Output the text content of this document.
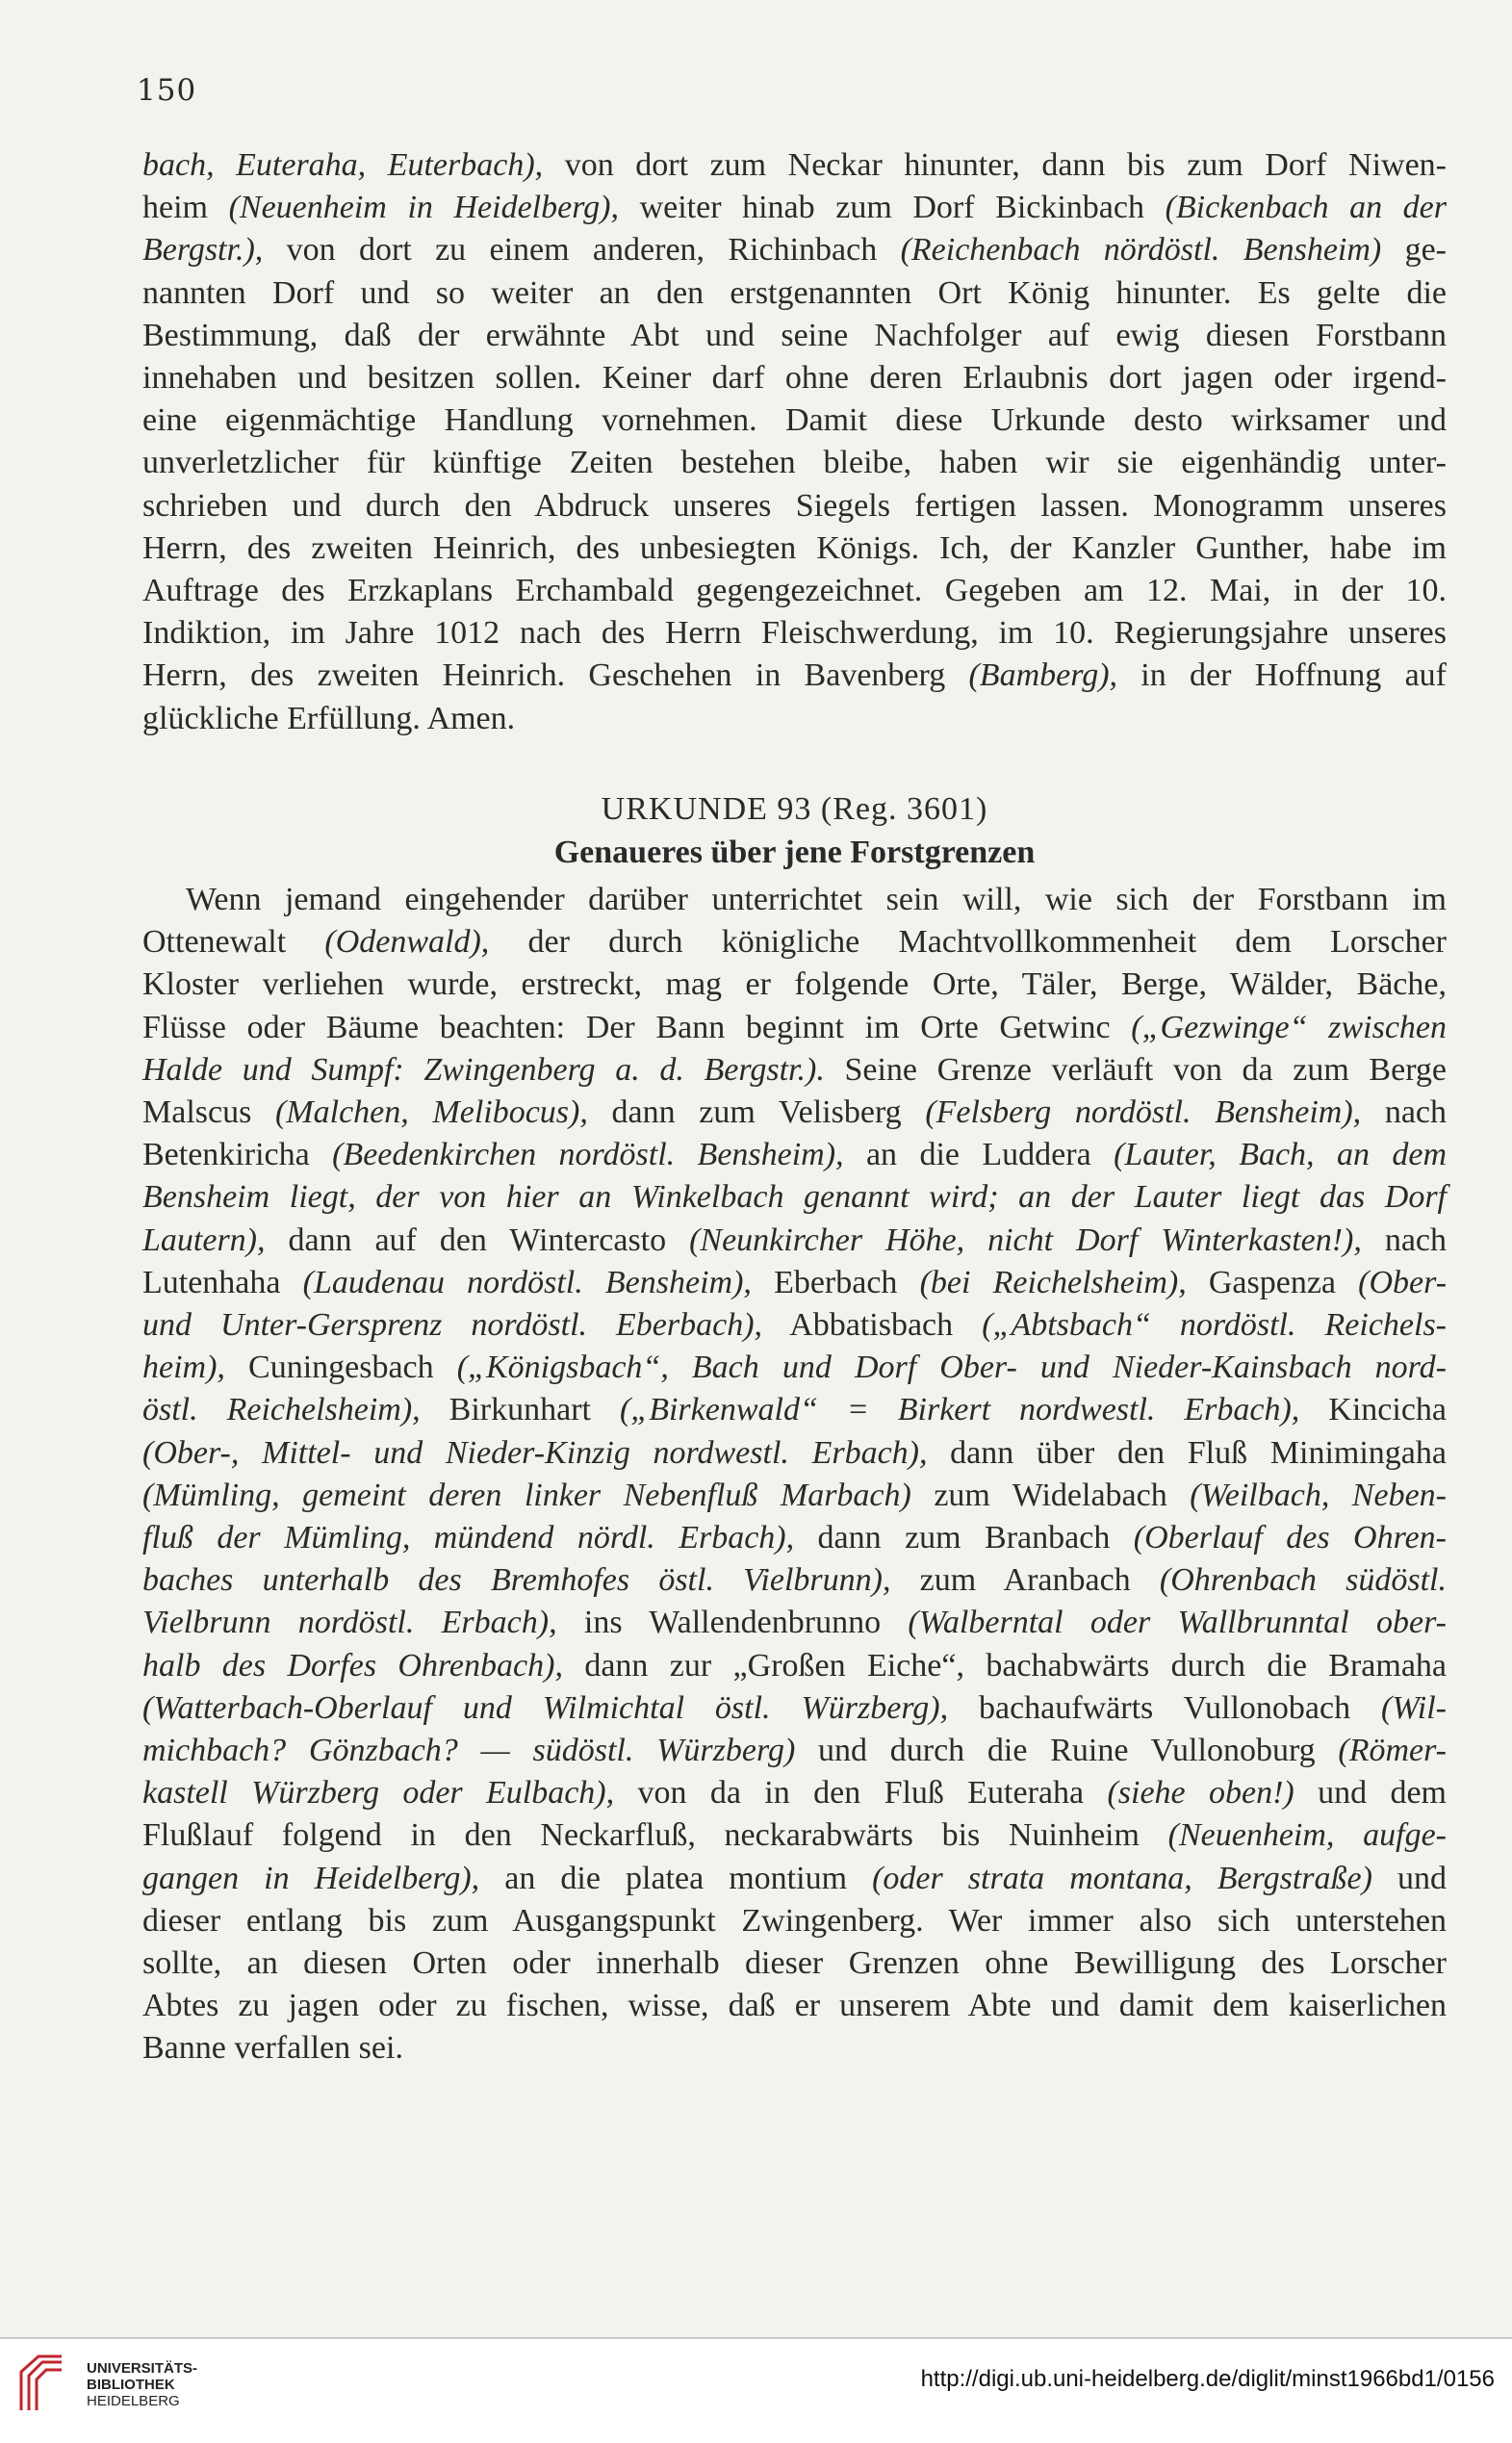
150
bach, Euteraha, Euterbach), von dort zum Neckar hinunter, dann bis zum Dorf Niwen-
heim (Neuenheim in Heidelberg), weiter hinab zum Dorf Bickinbach (Bickenbach an der
Bergstr.), von dort zu einem anderen, Richinbach (Reichenbach nördöstl. Bensheim) ge-
nannten Dorf und so weiter an den erstgenannten Ort König hinunter. Es gelte die
Bestimmung, daß der erwähnte Abt und seine Nachfolger auf ewig diesen Forstbann
innehaben und besitzen sollen. Keiner darf ohne deren Erlaubnis dort jagen oder irgend-
eine eigenmächtige Handlung vornehmen. Damit diese Urkunde desto wirksamer und
unverletzlicher für künftige Zeiten bestehen bleibe, haben wir sie eigenhändig unter-
schrieben und durch den Abdruck unseres Siegels fertigen lassen. Monogramm unseres
Herrn, des zweiten Heinrich, des unbesiegten Königs. Ich, der Kanzler Gunther, habe im
Auftrage des Erzkaplans Erchambald gegengezeichnet. Gegeben am 12. Mai, in der 10.
Indiktion, im Jahre 1012 nach des Herrn Fleischwerdung, im 10. Regierungsjahre unseres
Herrn, des zweiten Heinrich. Geschehen in Bavenberg (Bamberg), in der Hoffnung auf
glückliche Erfüllung. Amen.
URKUNDE 93 (Reg. 3601)
Genaueres über jene Forstgrenzen
Wenn jemand eingehender darüber unterrichtet sein will, wie sich der Forstbann im
Ottenewalt (Odenwald), der durch königliche Machtvollkommenheit dem Lorscher
Kloster verliehen wurde, erstreckt, mag er folgende Orte, Täler, Berge, Wälder, Bäche,
Flüsse oder Bäume beachten: Der Bann beginnt im Orte Getwinc („Gezwinge“ zwischen
Halde und Sumpf: Zwingenberg a. d. Bergstr.). Seine Grenze verläuft von da zum Berge
Malscus (Malchen, Melibocus), dann zum Velisberg (Felsberg nordöstl. Bensheim), nach
Betenkiricha (Beedenkirchen nordöstl. Bensheim), an die Luddera (Lauter, Bach, an dem
Bensheim liegt, der von hier an Winkelbach genannt wird; an der Lauter liegt das Dorf
Lautern), dann auf den Wintercasto (Neunkircher Höhe, nicht Dorf Winterkasten!), nach
Lutenhaha (Laudenau nordöstl. Bensheim), Eberbach (bei Reichelsheim), Gaspenza (Ober-
und Unter-Gersprenz nordöstl. Eberbach), Abbatisbach („Abtsbach“ nordöstl. Reichels-
heim), Cuningesbach („Königsbach“, Bach und Dorf Ober- und Nieder-Kainsbach nord-
östl. Reichelsheim), Birkunhart („Birkenwald“ = Birkert nordwestl. Erbach), Kincicha
(Ober-, Mittel- und Nieder-Kinzig nordwestl. Erbach), dann über den Fluß Minimingaha
(Mümling, gemeint deren linker Nebenfluß Marbach) zum Widelabach (Weilbach, Neben-
fluß der Mümling, mündend nördl. Erbach), dann zum Branbach (Oberlauf des Ohren-
baches unterhalb des Bremhofes östl. Vielbrunn), zum Aranbach (Ohrenbach südöstl.
Vielbrunn nordöstl. Erbach), ins Wallendenbrunno (Walberntal oder Wallbrunntal ober-
halb des Dorfes Ohrenbach), dann zur „Großen Eiche“, bachabwärts durch die Bramaha
(Watterbach-Oberlauf und Wilmichtal östl. Würzberg), bachaufwärts Vullonobach (Wil-
michbach? Gönzbach? — südöstl. Würzberg) und durch die Ruine Vullonoburg (Römer-
kastell Würzberg oder Eulbach), von da in den Fluß Euteraha (siehe oben!) und dem
Flußlauf folgend in den Neckarfluß, neckarabwärts bis Nuinheim (Neuenheim, aufge-
gangen in Heidelberg), an die platea montium (oder strata montana, Bergstraße) und
dieser entlang bis zum Ausgangspunkt Zwingenberg. Wer immer also sich unterstehen
sollte, an diesen Orten oder innerhalb dieser Grenzen ohne Bewilligung des Lorscher
Abtes zu jagen oder zu fischen, wisse, daß er unserem Abte und damit dem kaiserlichen
Banne verfallen sei.
UNIVERSITÄTS-
BIBLIOTHEK
HEIDELBERG
http://digi.ub.uni-heidelberg.de/diglit/minst1966bd1/0156
